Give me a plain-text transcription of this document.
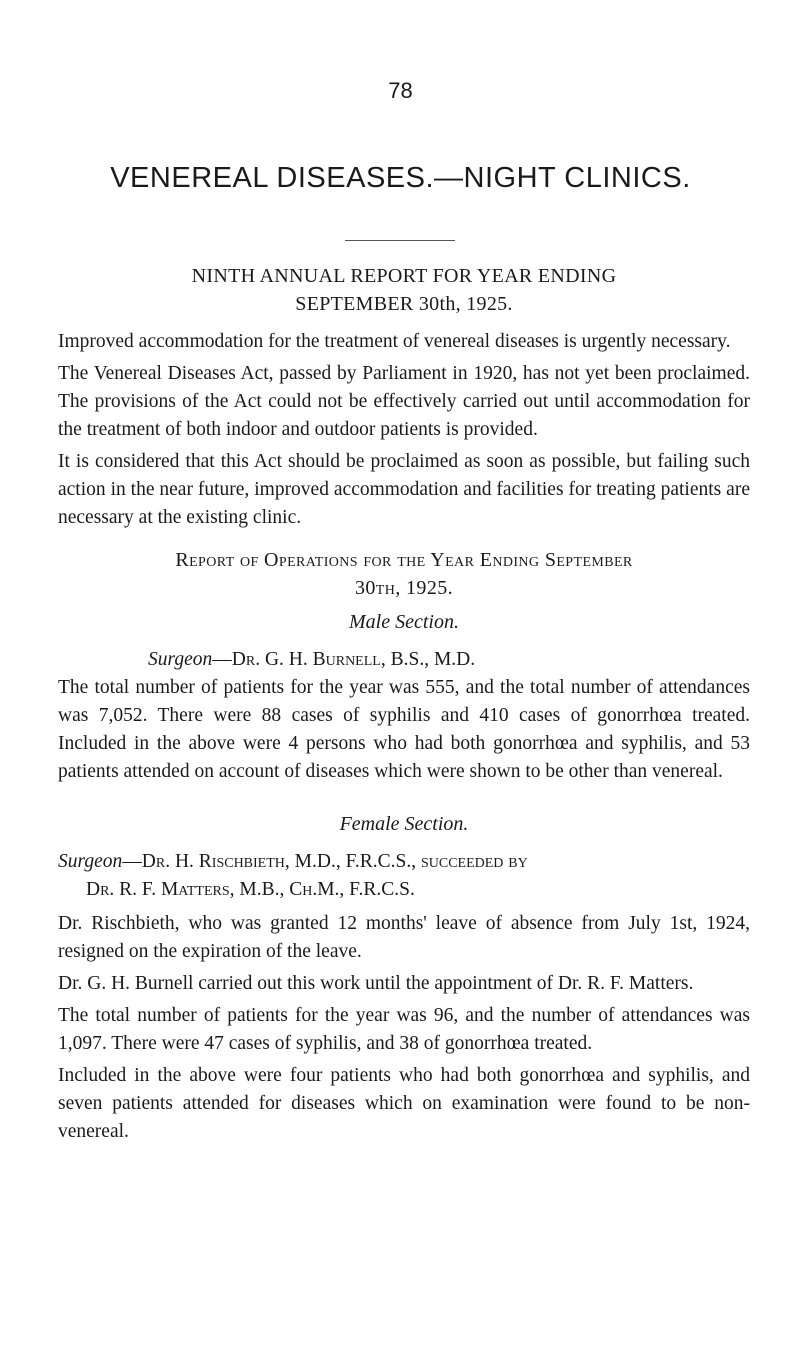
78
VENEREAL DISEASES.—NIGHT CLINICS.
NINTH ANNUAL REPORT FOR YEAR ENDING
SEPTEMBER 30th, 1925.

Improved accommodation for the treatment of venereal diseases is urgently necessary.

The Venereal Diseases Act, passed by Parliament in 1920, has not yet been proclaimed. The provisions of the Act could not be effectively carried out until accommodation for the treatment of both indoor and outdoor patients is provided.

It is considered that this Act should be proclaimed as soon as possible, but failing such action in the near future, improved accommodation and facilities for treating patients are necessary at the existing clinic.

Report of Operations for the Year Ending September
30th, 1925.
Male Section.
Surgeon—Dr. G. H. Burnell, B.S., M.D.

The total number of patients for the year was 555, and the total number of attendances was 7,052. There were 88 cases of syphilis and 410 cases of gonorrhœa treated. Included in the above were 4 persons who had both gonorrhœa and syphilis, and 53 patients attended on account of diseases which were shown to be other than venereal.

Female Section.
Surgeon—Dr. H. Rischbieth, M.D., F.R.C.S., succeeded by
Dr. R. F. Matters, M.B., Ch.M., F.R.C.S.

Dr. Rischbieth, who was granted 12 months' leave of absence from July 1st, 1924, resigned on the expiration of the leave.

Dr. G. H. Burnell carried out this work until the appointment of Dr. R. F. Matters.

The total number of patients for the year was 96, and the number of attendances was 1,097. There were 47 cases of syphilis, and 38 of gonorrhœa treated.

Included in the above were four patients who had both gonorrhœa and syphilis, and seven patients attended for diseases which on examination were found to be non-venereal.
